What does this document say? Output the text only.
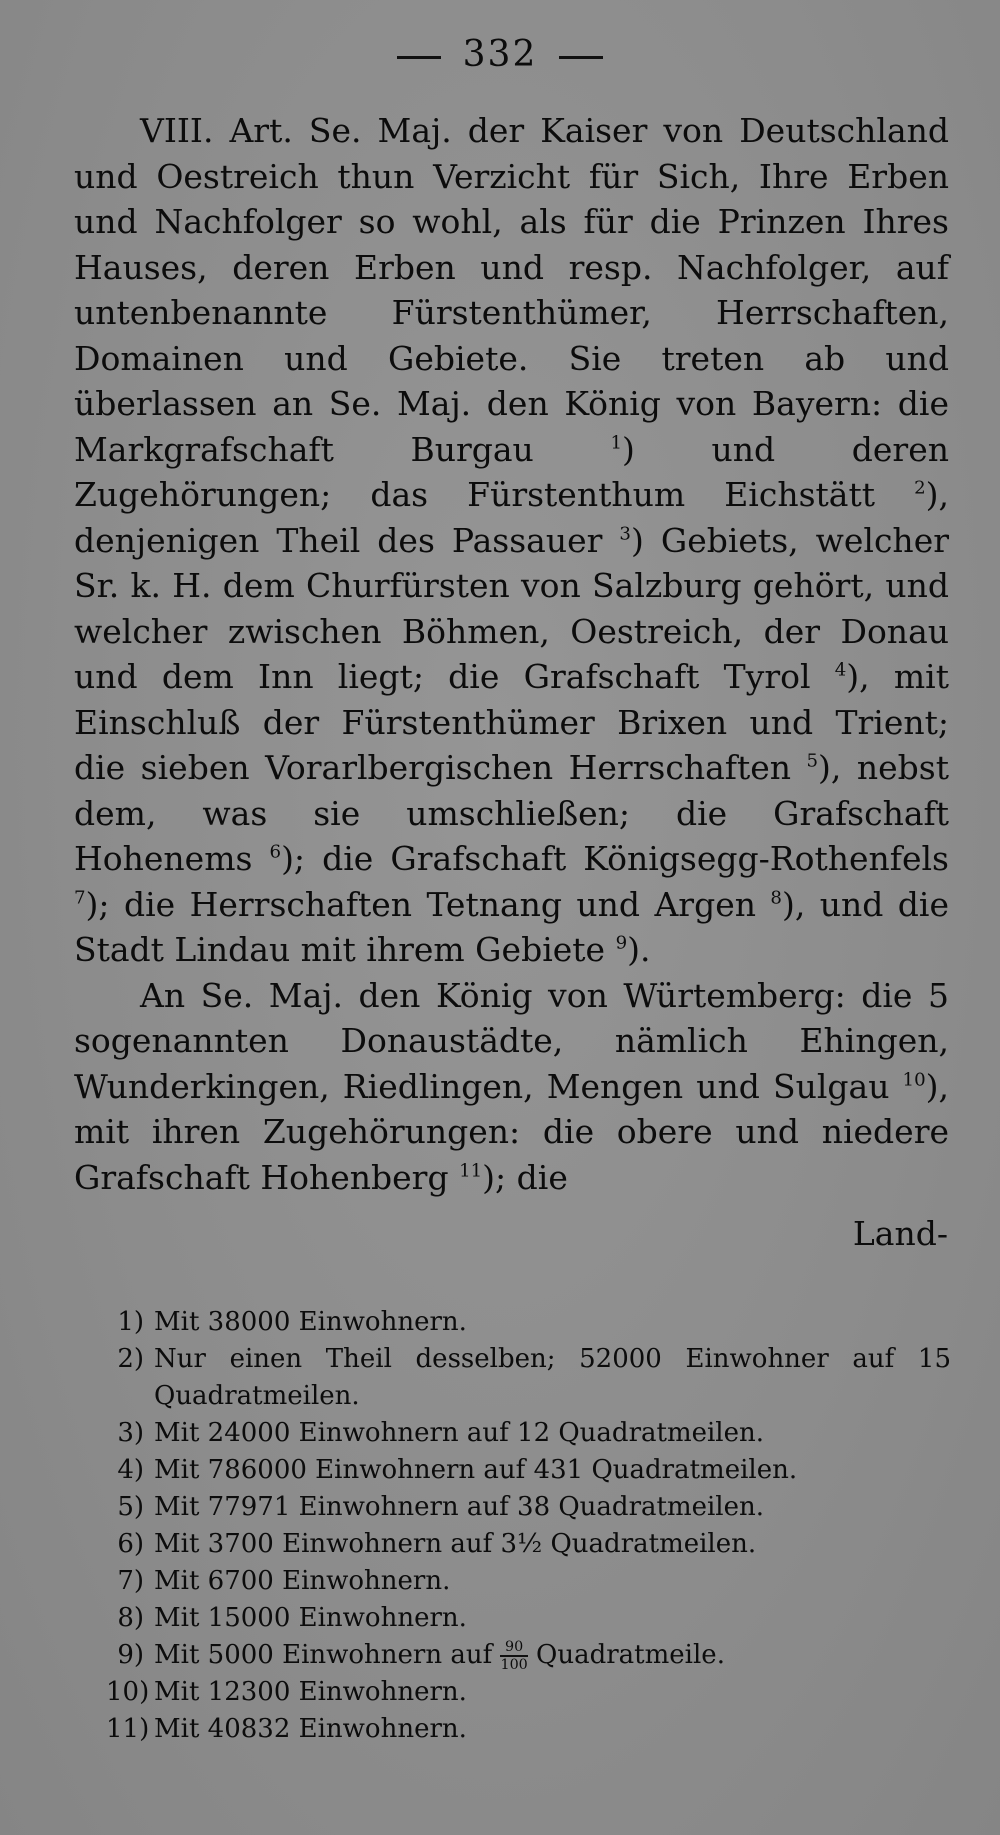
332

VIII. Art. Se. Maj. der Kaiser von Deutschland und Oestreich thun Verzicht für Sich, Ihre Erben und Nachfolger so wohl, als für die Prinzen Ihres Hauses, deren Erben und resp. Nachfolger, auf untenbenannte Fürstenthümer, Herrschaften, Domainen und Gebiete. Sie treten ab und überlassen an Se. Maj. den König von Bayern: die Markgrafschaft Burgau $^1$) und deren Zugehörungen; das Fürstenthum Eichstätt $^2$), denjenigen Theil des Passauer $^3$) Gebiets, welcher Sr. k. H. dem Churfürsten von Salzburg gehört, und welcher zwischen Böhmen, Oestreich, der Donau und dem Inn liegt; die Grafschaft Tyrol $^4$), mit Einschluß der Fürstenthümer Brixen und Trient; die sieben Vorarlbergischen Herrschaften $^5$), nebst dem, was sie umschließen; die Grafschaft Hohenems $^6$); die Grafschaft Königsegg-Rothenfels $^7$); die Herrschaften Tetnang und Argen $^8$), und die Stadt Lindau mit ihrem Gebiete $^9$).

An Se. Maj. den König von Würtemberg: die 5 sogenannten Donaustädte, nämlich Ehingen, Wunderkingen, Riedlingen, Mengen und Sulgau $^{10}$), mit ihren Zugehörungen: die obere und niedere Grafschaft Hohenberg $^{11}$); die

Land-
1) Mit 38000 Einwohnern.
2) Nur einen Theil desselben; 52000 Einwohner auf 15 Quadratmeilen.
3) Mit 24000 Einwohnern auf 12 Quadratmeilen.
4) Mit 786000 Einwohnern auf 431 Quadratmeilen.
5) Mit 77971 Einwohnern auf 38 Quadratmeilen.
6) Mit 3700 Einwohnern auf 3½ Quadratmeilen.
7) Mit 6700 Einwohnern.
8) Mit 15000 Einwohnern.
9) Mit 5000 Einwohnern auf $\frac{90}{100}$ Quadratmeile.
10) Mit 12300 Einwohnern.
11) Mit 40832 Einwohnern.
